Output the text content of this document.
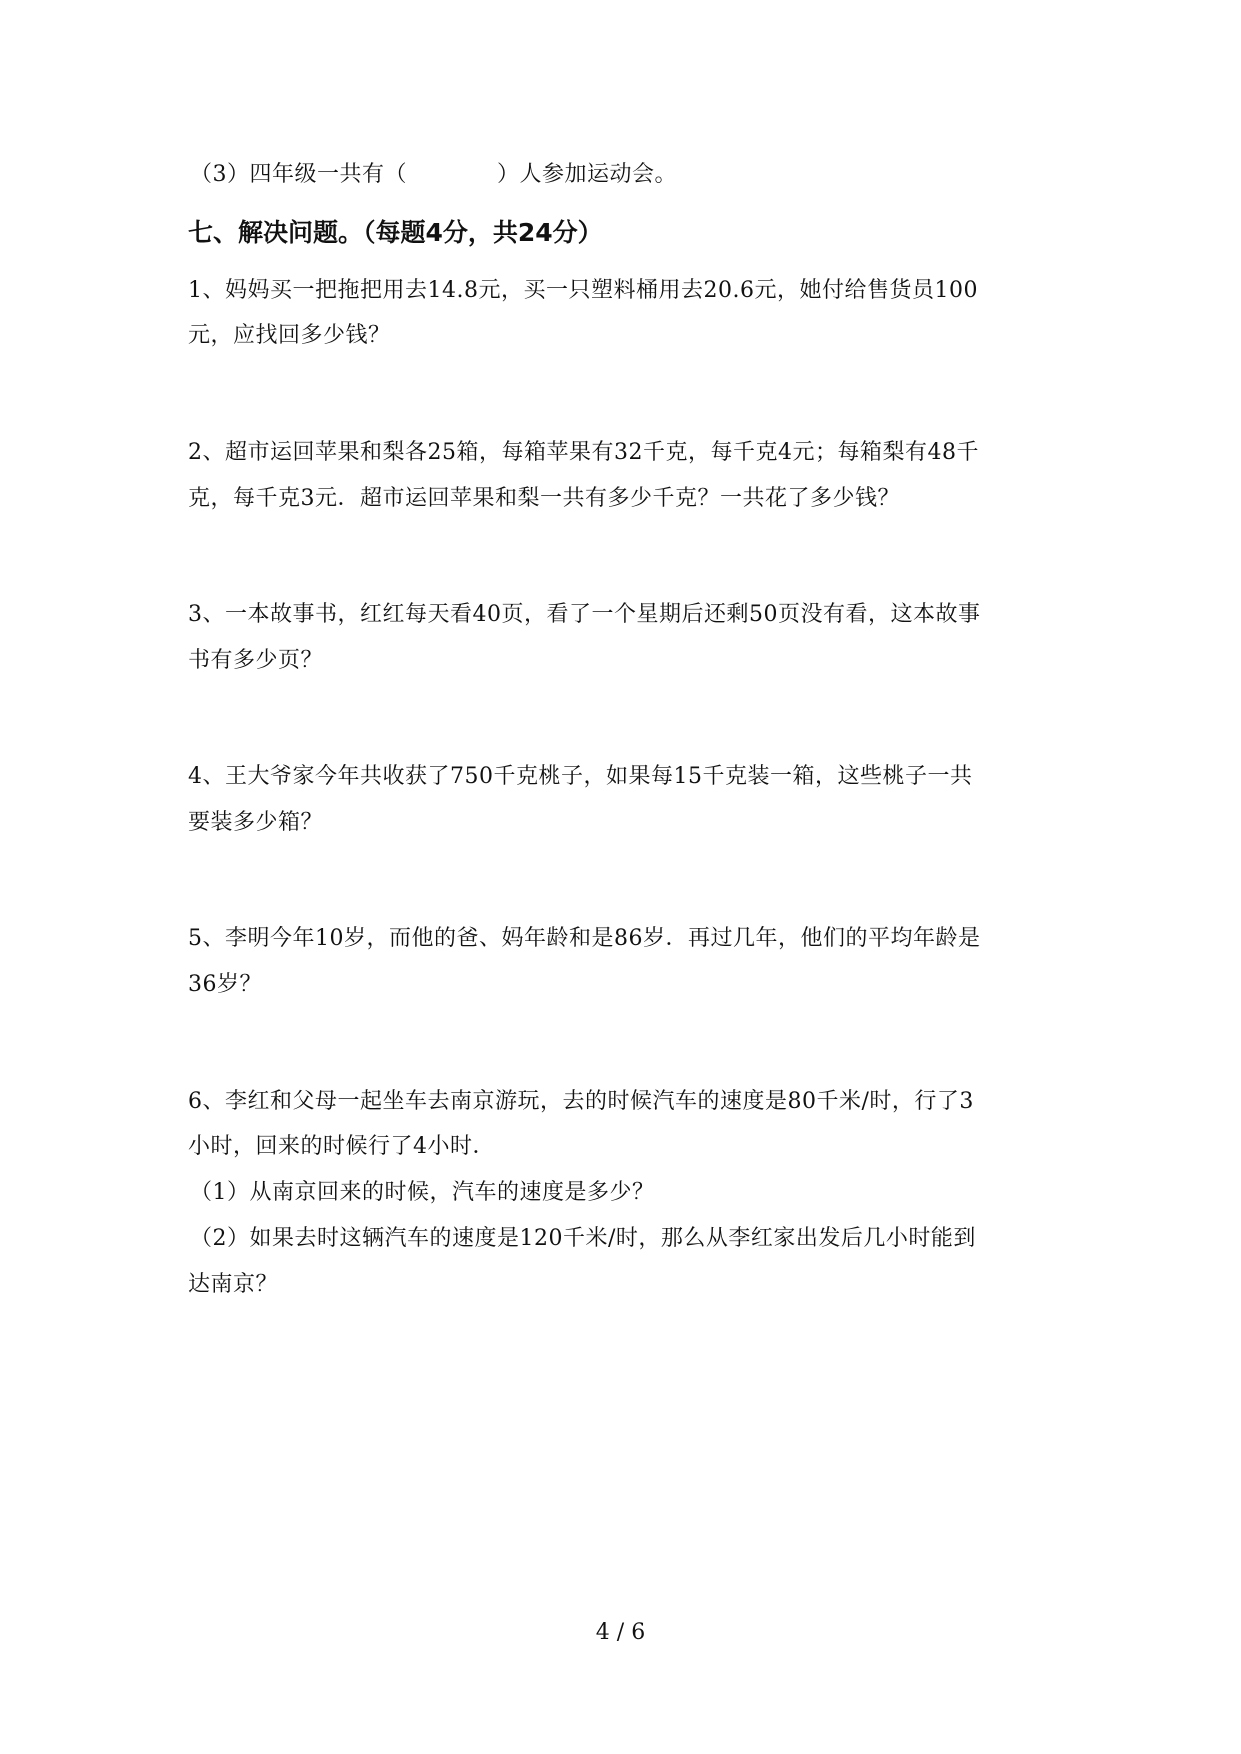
（3）四年级一共有（　　　　）人参加运动会。
七、解决问题。（每题4分，共24分）
1、妈妈买一把拖把用去14.8元，买一只塑料桶用去20.6元，她付给售货员100
元，应找回多少钱？
2、超市运回苹果和梨各25箱，每箱苹果有32千克，每千克4元；每箱梨有48千
克，每千克3元．超市运回苹果和梨一共有多少千克？一共花了多少钱？
3、一本故事书，红红每天看40页，看了一个星期后还剩50页没有看，这本故事
书有多少页？
4、王大爷家今年共收获了750千克桃子，如果每15千克装一箱，这些桃子一共
要装多少箱？
5、李明今年10岁，而他的爸、妈年龄和是86岁．再过几年，他们的平均年龄是
36岁？
6、李红和父母一起坐车去南京游玩，去的时候汽车的速度是80千米/时，行了3
小时，回来的时候行了4小时．
（1）从南京回来的时候，汽车的速度是多少？
（2）如果去时这辆汽车的速度是120千米/时，那么从李红家出发后几小时能到
达南京？
4 / 6
